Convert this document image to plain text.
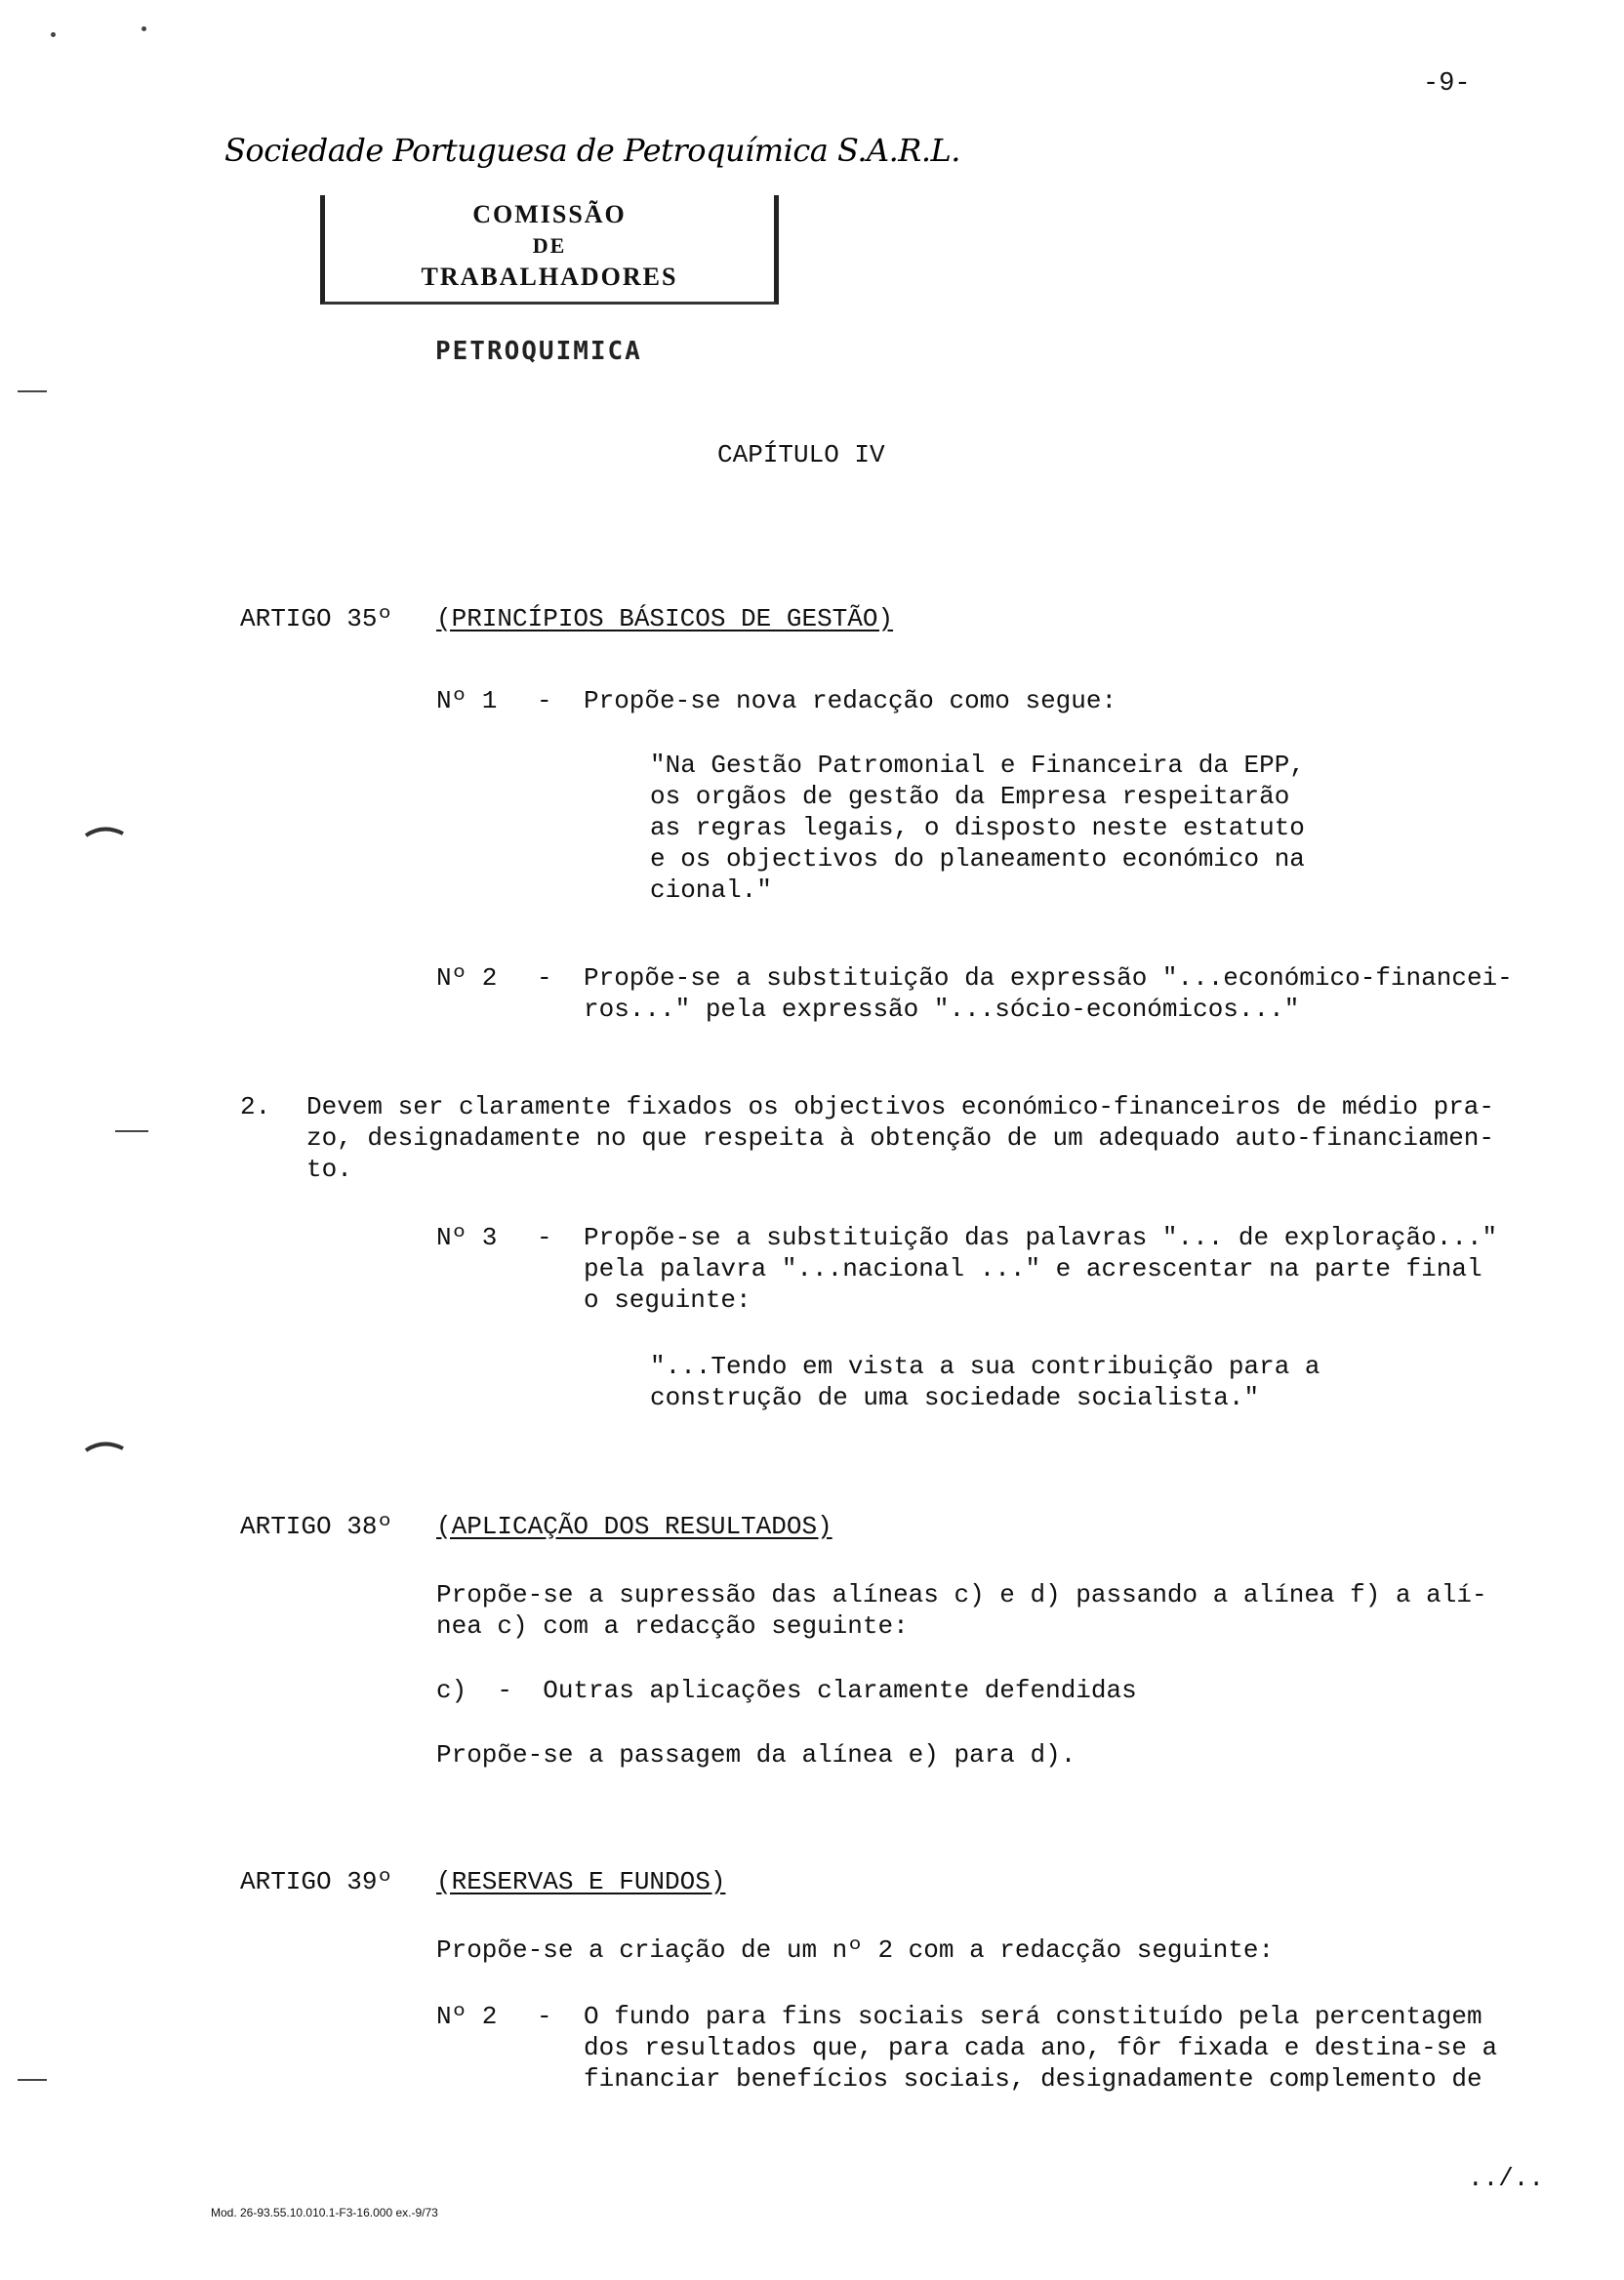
-9-
Sociedade Portuguesa de Petroquímica S.A.R.L.
COMISSÃO
DE
TRABALHADORES
PETROQUIMICA
CAPÍTULO IV
ARTIGO 35º (PRINCÍPIOS BÁSICOS DE GESTÃO)
Nº 1 - Propõe-se nova redacção como segue:
"Na Gestão Patromonial e Financeira da EPP,
os orgãos de gestão da Empresa respeitarão
as regras legais, o disposto neste estatuto
e os objectivos do planeamento económico na
cional."
Nº 2 - Propõe-se a substituição da expressão "...económico-financei-
ros..." pela expressão "...sócio-económicos..."
2. Devem ser claramente fixados os objectivos económico-financeiros de médio pra-
zo, designadamente no que respeita à obtenção de um adequado auto-financiamen-
to.
Nº 3 - Propõe-se a substituição das palavras "... de exploração..."
pela palavra "...nacional ..." e acrescentar na parte final
o seguinte:
"...Tendo em vista a sua contribuição para a
construção de uma sociedade socialista."
ARTIGO 38º (APLICAÇÃO DOS RESULTADOS)
Propõe-se a supressão das alíneas c) e d) passando a alínea f) a alí-
nea c) com a redacção seguinte:
c)  -  Outras aplicações claramente defendidas
Propõe-se a passagem da alínea e) para d).
ARTIGO 39º (RESERVAS E FUNDOS)
Propõe-se a criação de um nº 2 com a redacção seguinte:
Nº 2 - O fundo para fins sociais será constituído pela percentagem
dos resultados que, para cada ano, fôr fixada e destina-se a
financiar benefícios sociais, designadamente complemento de
../..
Mod. 26-93.55.10.010.1-F3-16.000 ex.-9/73
